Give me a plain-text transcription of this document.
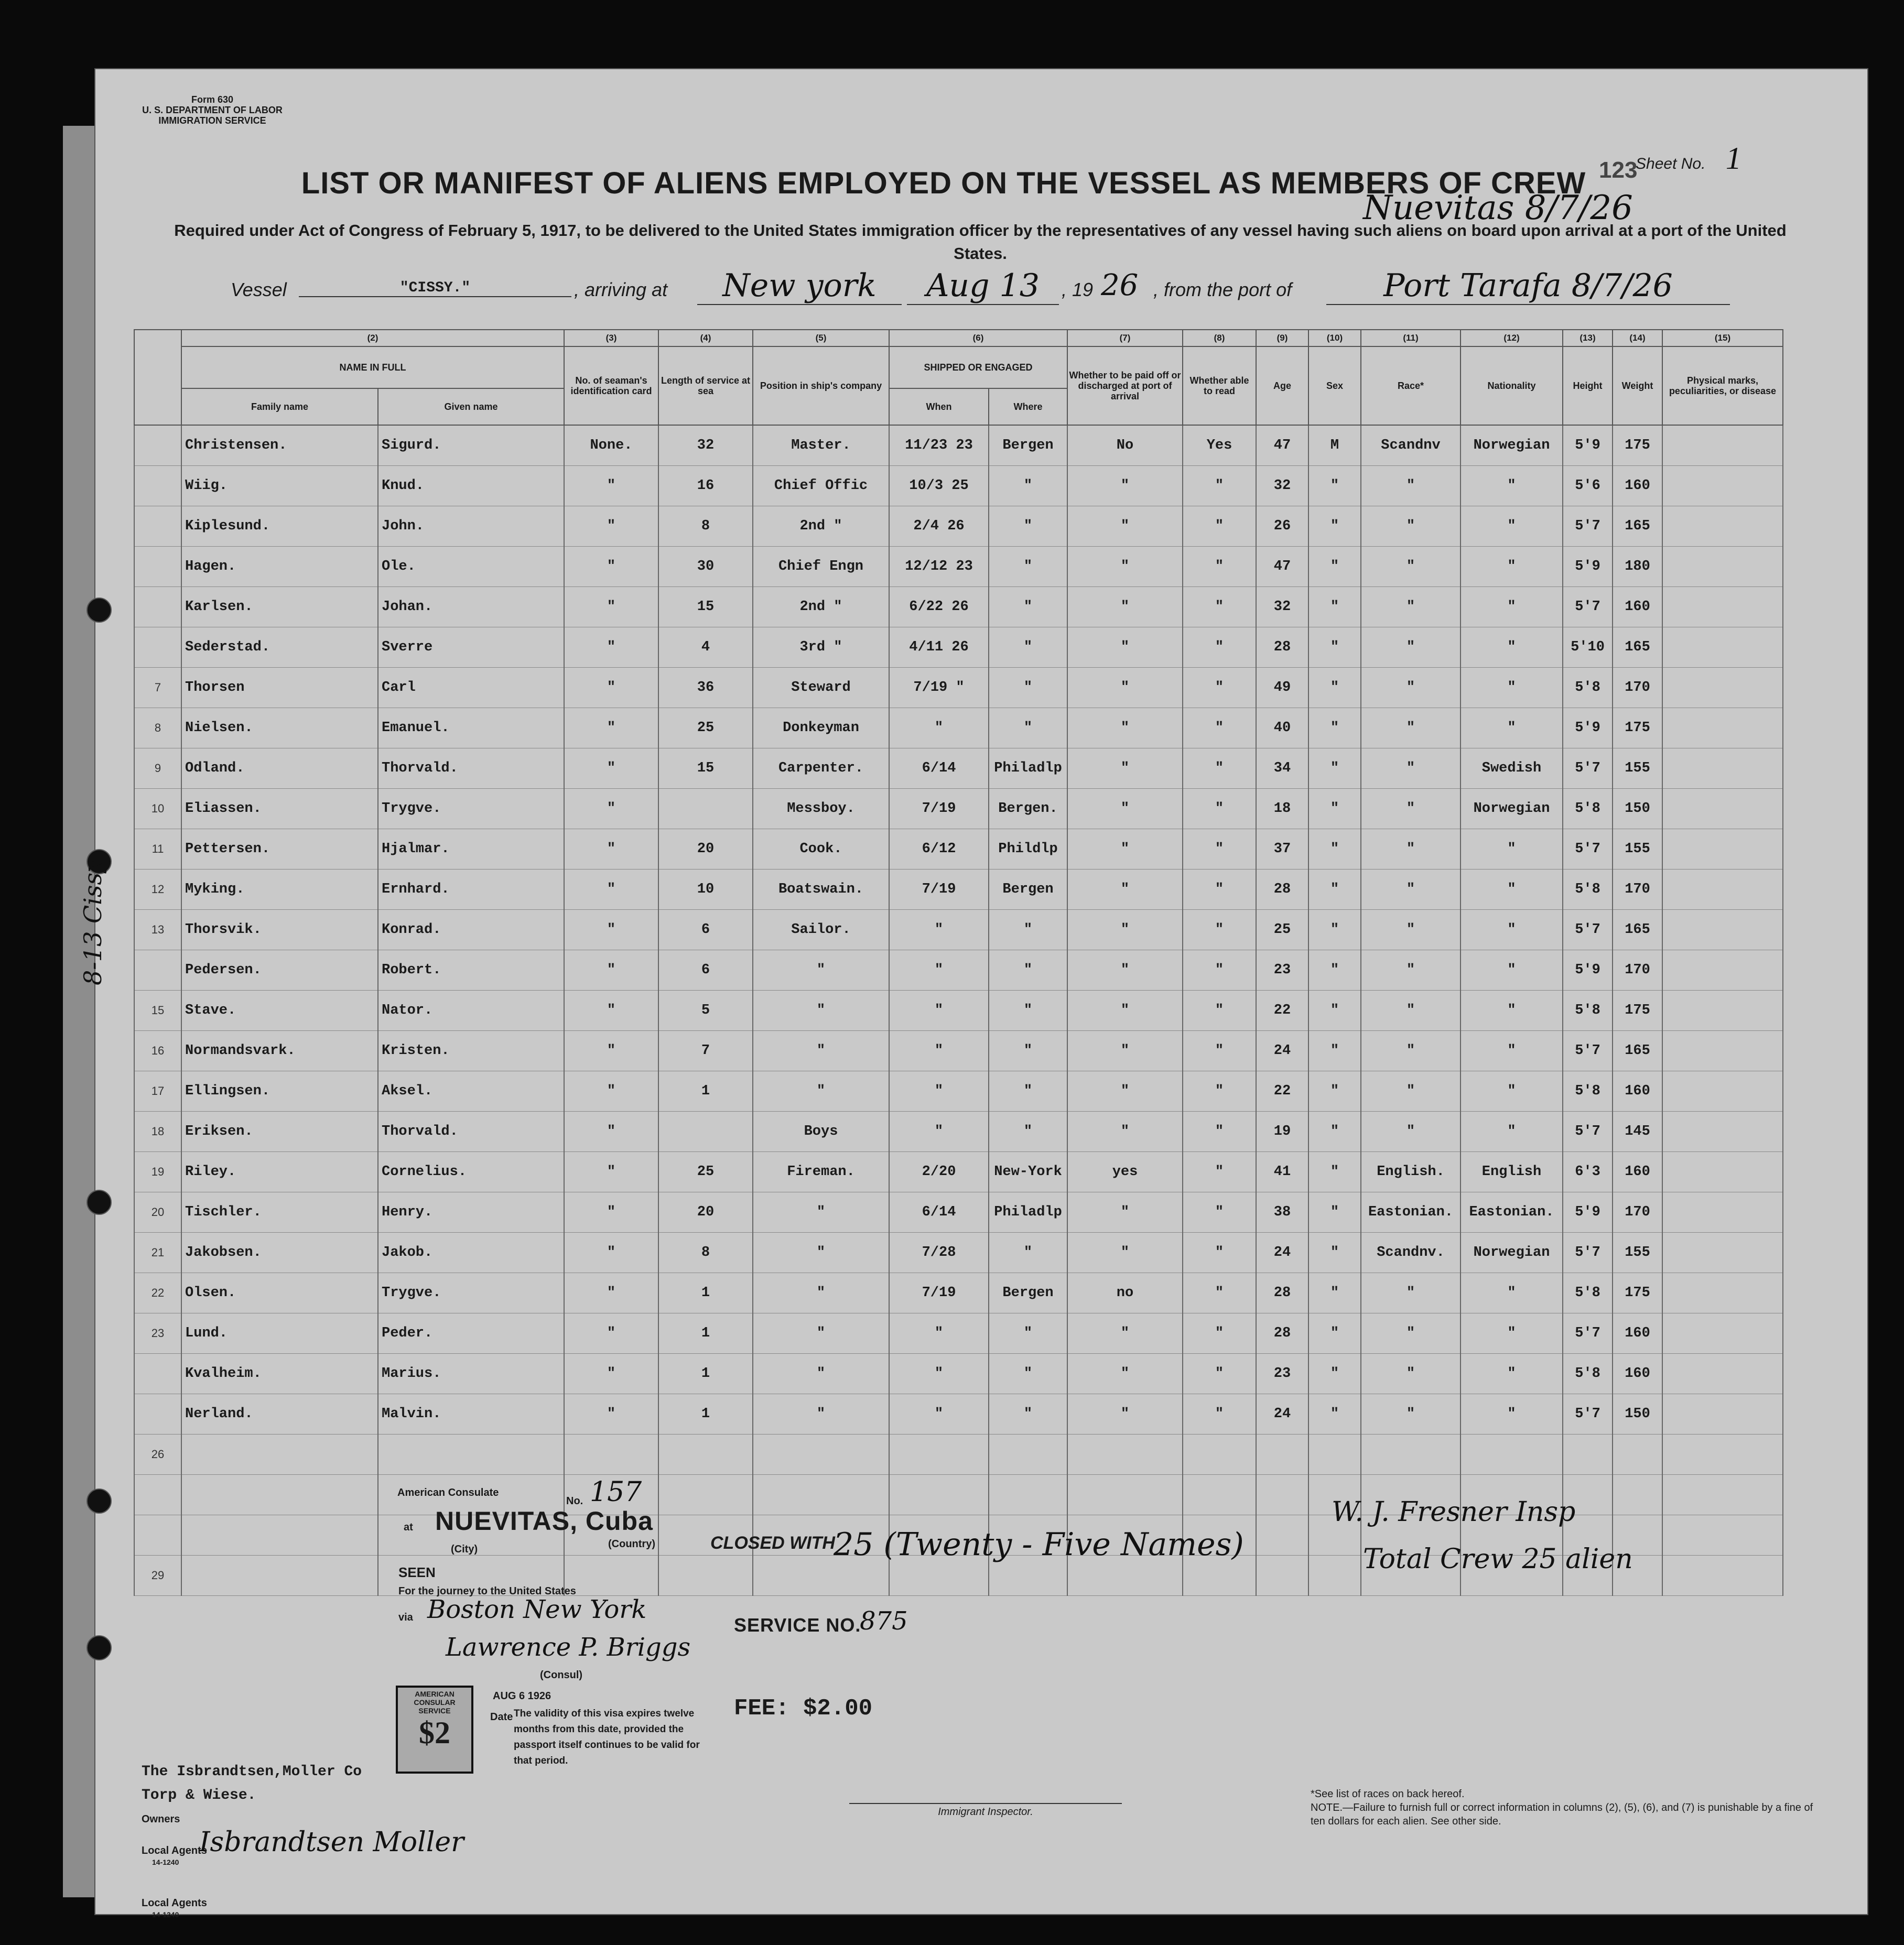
Form 630
U. S. DEPARTMENT OF LABOR
IMMIGRATION SERVICE
123
Sheet No. 1
LIST OR MANIFEST OF ALIENS EMPLOYED ON THE VESSEL AS MEMBERS OF CREW
Nuevitas 8/7/26
Required under Act of Congress of February 5, 1917, to be delivered to the United States immigration officer by the representatives of any vessel having such aliens on board upon arrival at a port of the United States.
Vessel	"CISSY."	, arriving at	New york	Aug 13	, 19 26 , from the port of	Port Tarafa 8/7/26
	(2)		(3)	(4)	(5)	(6)		(7)	(8)	(9)	(10)	(11)	(12)	(13)	(14)	(15)
	NAME IN FULL		No. of seaman's identification card	Length of service at sea	Position in ship's company	SHIPPED OR ENGAGED		Whether to be paid off or discharged at port of arrival	Whether able to read	Age	Sex	Race*	Nationality	Height	Weight	Physical marks, peculiarities, or disease
	Family name	Given name				When	Where									
	Christensen.	Sigurd.	None.	32	Master.	11/23 23	Bergen	No	Yes	47	M	Scandnv	Norwegian	5'9	175	
	Wiig.	Knud.	"	16	Chief Offic	10/3 25	"	"	"	32	"	"	"	5'6	160	
	Kiplesund.	John.	"	8	2nd "	2/4 26	"	"	"	26	"	"	"	5'7	165	
	Hagen.	Ole.	"	30	Chief Engn	12/12 23	"	"	"	47	"	"	"	5'9	180	
	Karlsen.	Johan.	"	15	2nd "	6/22 26	"	"	"	32	"	"	"	5'7	160	
	Sederstad.	Sverre	"	4	3rd "	4/11 26	"	"	"	28	"	"	"	5'10	165	
7	Thorsen	Carl	"	36	Steward	7/19 "	"	"	"	49	"	"	"	5'8	170	
8	Nielsen.	Emanuel.	"	25	Donkeyman	"	"	"	"	40	"	"	"	5'9	175	
9	Odland.	Thorvald.	"	15	Carpenter.	6/14	Philadlp	"	"	34	"	"	Swedish	5'7	155	
10	Eliassen.	Trygve.	"		Messboy.	7/19	Bergen.	"	"	18	"	"	Norwegian	5'8	150	
11	Pettersen.	Hjalmar.	"	20	Cook.	6/12	Phildlp	"	"	37	"	"	"	5'7	155	
12	Myking.	Ernhard.	"	10	Boatswain.	7/19	Bergen	"	"	28	"	"	"	5'8	170	
13	Thorsvik.	Konrad.	"	6	Sailor.	"	"	"	"	25	"	"	"	5'7	165	
	Pedersen.	Robert.	"	6	"	"	"	"	"	23	"	"	"	5'9	170	
15	Stave.	Nator.	"	5	"	"	"	"	"	22	"	"	"	5'8	175	
16	Normandsvark.	Kristen.	"	7	"	"	"	"	"	24	"	"	"	5'7	165	
17	Ellingsen.	Aksel.	"	1	"	"	"	"	"	22	"	"	"	5'8	160	
18	Eriksen.	Thorvald.	"		Boys	"	"	"	"	19	"	"	"	5'7	145	
19	Riley.	Cornelius.	"	25	Fireman.	2/20	New-York	yes	"	41	"	English.	English	6'3	160	
20	Tischler.	Henry.	"	20	"	6/14	Philadlp	"	"	38	"	Eastonian.	Eastonian.	5'9	170	
21	Jakobsen.	Jakob.	"	8	"	7/28	"	"	"	24	"	Scandnv.	Norwegian	5'7	155	
22	Olsen.	Trygve.	"	1	"	7/19	Bergen	no	"	28	"	"	"	5'8	175	
23	Lund.	Peder.	"	1	"	"	"	"	"	28	"	"	"	5'7	160	
	Kvalheim.	Marius.	"	1	"	"	"	"	"	23	"	"	"	5'8	160	
	Nerland.	Malvin.	"	1	"	"	"	"	"	24	"	"	"	5'7	150	
26																

29																
American Consulate
No. 157
at NUEVITAS, Cuba
(City)	(Country)
SEEN
For the journey to the United States
via Boston New York
Lawrence P. Briggs
(Consul)
AUG 6 1926
Date The validity of this visa expires twelve months from this date, provided the passport itself continues to be valid for that period.
AMERICAN CONSULAR SERVICE
$2
CLOSED WITH
25 (Twenty - Five Names)
SERVICE NO.
875
FEE: $2.00
W. J. Fresner Insp
Total Crew 25 alien
The Isbrandtsen,Moller Co
Torp & Wiese.
Owners
Local Agents
14-1240
Isbrandtsen Moller
Local Agents
14-1240
Immigrant Inspector.
*See list of races on back hereof.
NOTE.—Failure to furnish full or correct information in columns (2), (5), (6), and (7) is punishable by a fine of ten dollars for each alien. See other side.
8-13 Cissy
